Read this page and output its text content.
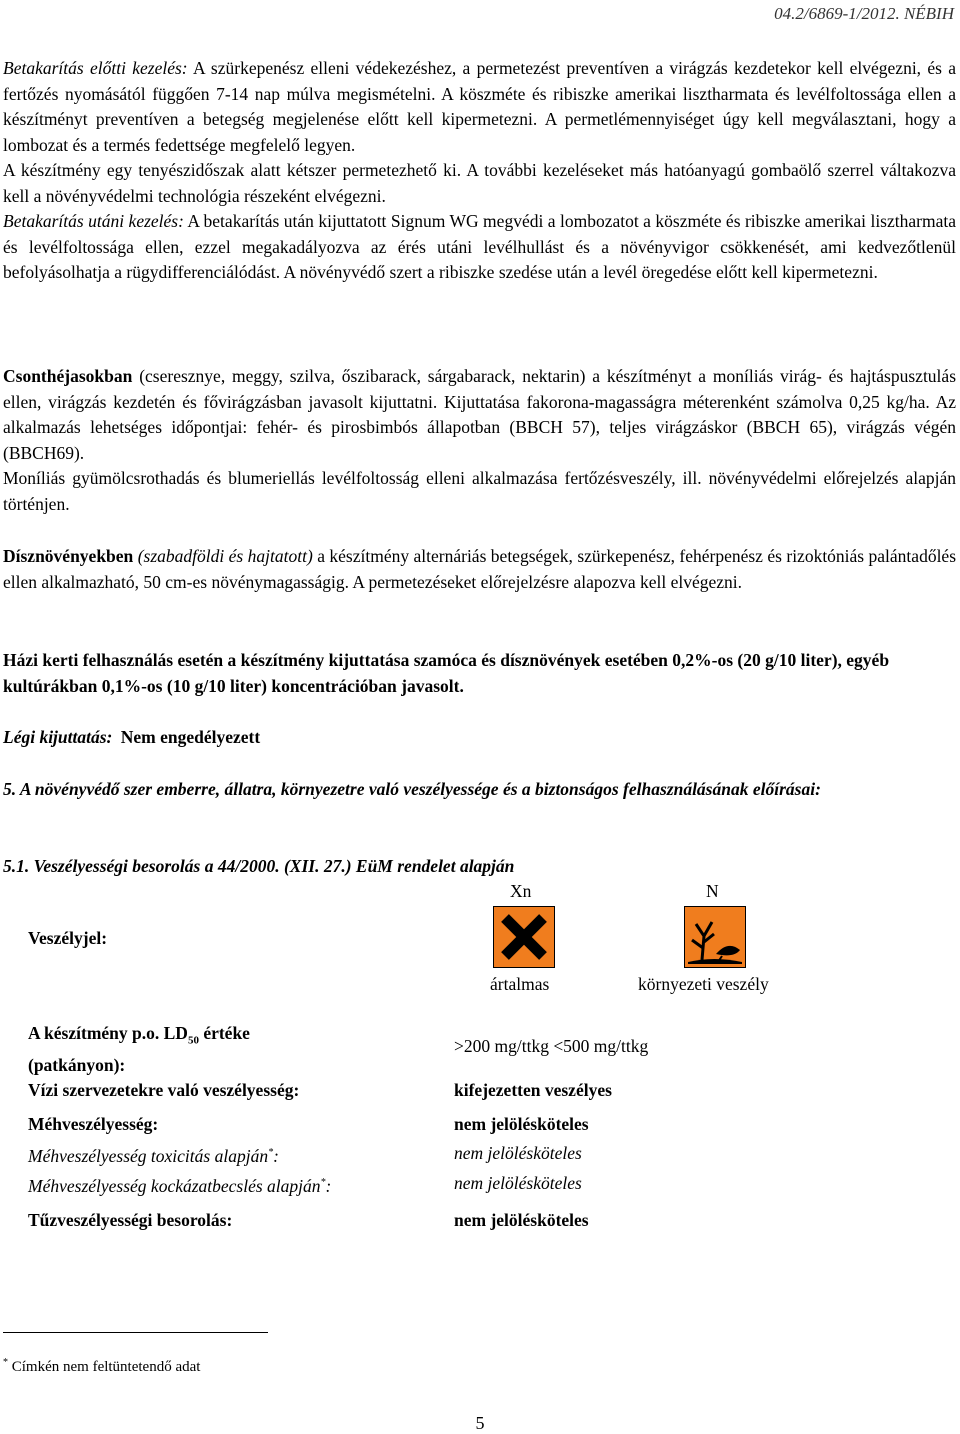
04.2/6869-1/2012. NÉBIH

Betakarítás előtti kezelés: A szürkepenész elleni védekezéshez, a permetezést preventíven a virágzás kezdetekor kell elvégezni, és a fertőzés nyomásától függően 7-14 nap múlva megismételni. A köszméte és ribiszke amerikai lisztharmata és levélfoltossága ellen a készítményt preventíven a betegség megjelenése előtt kell kipermetezni. A permetlémennyiséget úgy kell megválasztani, hogy a lombozat és a termés fedettsége megfelelő legyen.
A készítmény egy tenyészidőszak alatt kétszer permetezhető ki. A további kezeléseket más hatóanyagú gombaölő szerrel váltakozva kell a növényvédelmi technológia részeként elvégezni.
Betakarítás utáni kezelés: A betakarítás után kijuttatott Signum WG megvédi a lombozatot a köszméte és ribiszke amerikai lisztharmata és levélfoltossága ellen, ezzel megakadályozva az érés utáni levélhullást és a növényvigor csökkenését, ami kedvezőtlenül befolyásolhatja a rügydifferenciálódást. A növényvédő szert a ribiszke szedése után a levél öregedése előtt kell kipermetezni.

Csonthéjasokban (cseresznye, meggy, szilva, őszibarack, sárgabarack, nektarin) a készítményt a moníliás virág- és hajtáspusztulás ellen, virágzás kezdetén és fővirágzásban javasolt kijuttatni. Kijuttatása fakorona-magasságra méterenként számolva 0,25 kg/ha. Az alkalmazás lehetséges időpontjai: fehér- és pirosbimbós állapotban (BBCH 57), teljes virágzáskor (BBCH 65), virágzás végén (BBCH69).
Moníliás gyümölcsrothadás és blumeriellás levélfoltosság elleni alkalmazása fertőzésveszély, ill. növényvédelmi előrejelzés alapján történjen.

Dísznövényekben (szabadföldi és hajtatott) a készítmény alternáriás betegségek, szürkepenész, fehérpenész és rizoktóniás palántadőlés ellen alkalmazható, 50 cm-es növénymagasságig. A permetezéseket előrejelzésre alapozva kell elvégezni.

Házi kerti felhasználás esetén a készítmény kijuttatása szamóca és dísznövények esetében 0,2%-os (20 g/10 liter), egyéb kultúrákban 0,1%-os (10 g/10 liter) koncentrációban javasolt.

Légi kijuttatás: Nem engedélyezett

5. A növényvédő szer emberre, állatra, környezetre való veszélyessége és a biztonságos felhasználásának előírásai:

5.1. Veszélyességi besorolás a 44/2000. (XII. 27.) EüM rendelet alapján

Xn	N
Veszélyjel:
ártalmas	környezeti veszély
A készítmény p.o. $LD_{50}$ értéke
(patkányon):
>200 mg/ttkg <500 mg/ttkg
Vízi szervezetekre való veszélyesség:	kifejezetten veszélyes
Méhveszélyesség:	nem jelölésköteles
Méhveszélyesség toxicitás alapján*:	nem jelölésköteles
Méhveszélyesség kockázatbecslés alapján*:	nem jelölésköteles
Tűzveszélyességi besorolás:	nem jelölésköteles
* Címkén nem feltüntetendő adat
5
